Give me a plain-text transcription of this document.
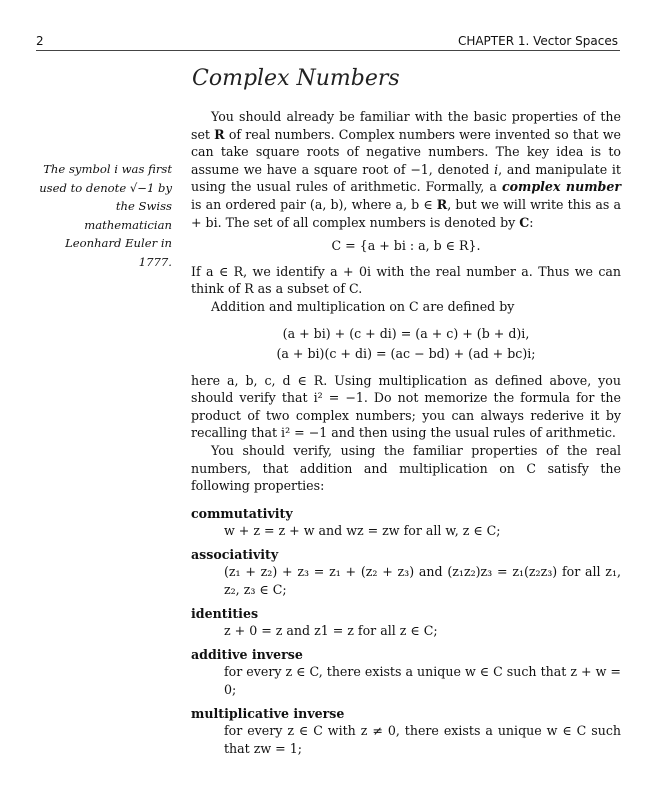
2	CHAPTER 1. Vector Spaces
Complex Numbers
The symbol i was first used to denote √−1 by the Swiss mathematician Leonhard Euler in 1777.

You should already be familiar with the basic properties of the set R of real numbers. Complex numbers were invented so that we can take square roots of negative numbers. The key idea is to assume we have a square root of −1, denoted i, and manipulate it using the usual rules of arithmetic. Formally, a complex number is an ordered pair (a, b), where a, b ∈ R, but we will write this as a + bi. The set of all complex numbers is denoted by C:

C = {a + bi : a, b ∈ R}.

If a ∈ R, we identify a + 0i with the real number a. Thus we can think of R as a subset of C.

Addition and multiplication on C are defined by

(a + bi) + (c + di) = (a + c) + (b + d)i,
(a + bi)(c + di) = (ac − bd) + (ad + bc)i;

here a, b, c, d ∈ R. Using multiplication as defined above, you should verify that i² = −1. Do not memorize the formula for the product of two complex numbers; you can always rederive it by recalling that i² = −1 and then using the usual rules of arithmetic.

You should verify, using the familiar properties of the real numbers, that addition and multiplication on C satisfy the following properties:

commutativity
w + z = z + w and wz = zw for all w, z ∈ C;
associativity
(z₁ + z₂) + z₃ = z₁ + (z₂ + z₃) and (z₁z₂)z₃ = z₁(z₂z₃) for all z₁, z₂, z₃ ∈ C;
identities
z + 0 = z and z1 = z for all z ∈ C;
additive inverse
for every z ∈ C, there exists a unique w ∈ C such that z + w = 0;
multiplicative inverse
for every z ∈ C with z ≠ 0, there exists a unique w ∈ C such that zw = 1;
